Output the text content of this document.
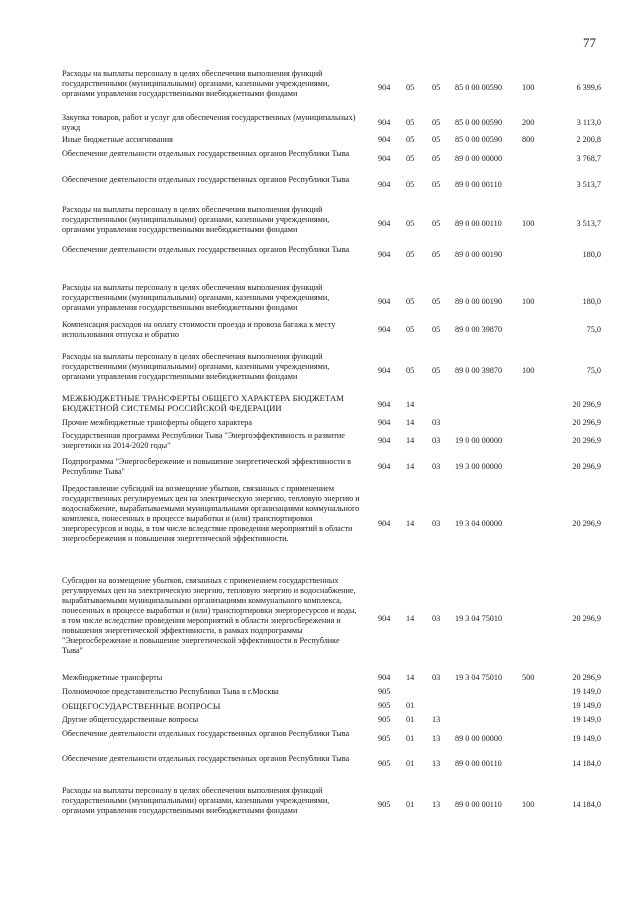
77
Расходы на выплаты персоналу в целях обеспечения выполнения функций государственными (муниципальными) органами, казенными учреждениями, органами управления государственными внебюджетными фондами
904	05	05	85 0 00 00590	100	6 399,6
Закупка товаров, работ и услуг для обеспечения государственных (муниципальных) нужд
904	05	05	85 0 00 00590	200	3 113,0
Иные бюджетные ассигнования	904	05	05	85 0 00 00590	800	2 200,8
Обеспечение деятельности отдельных государственных органов Республики Тыва
904	05	05	89 0 00 00000	3 768,7
Обеспечение деятельности отдельных государственных органов Республики Тыва
904	05	05	89 0 00 00110	3 513,7
Расходы на выплаты персоналу в целях обеспечения выполнения функций государственными (муниципальными) органами, казенными учреждениями, органами управления государственными внебюджетными фондами
904	05	05	89 0 00 00110	100	3 513,7
Обеспечение деятельности отдельных государственных органов Республики Тыва
904	05	05	89 0 00 00190	180,0
Расходы на выплаты персоналу в целях обеспечения выполнения функций государственными (муниципальными) органами, казенными учреждениями, органами управления государственными внебюджетными фондами
904	05	05	89 0 00 00190	100	180,0
Компенсация расходов на оплату стоимости проезда и провоза багажа к месту использования отпуска и обратно
904	05	05	89 0 00 39870	75,0
Расходы на выплаты персоналу в целях обеспечения выполнения функций государственными (муниципальными) органами, казенными учреждениями, органами управления государственными внебюджетными фондами
904	05	05	89 0 00 39870	100	75,0
МЕЖБЮДЖЕТНЫЕ ТРАНСФЕРТЫ ОБЩЕГО ХАРАКТЕРА БЮДЖЕТАМ БЮДЖЕТНОЙ СИСТЕМЫ РОССИЙСКОЙ ФЕДЕРАЦИИ	904	14	20 296,9
Прочие межбюджетные трансферты общего характера	904	14	03	20 296,9
Государственная программа Республики Тыва "Энергоэффективность и развитие энергетики на 2014-2020 годы"
904	14	03	19 0 00 00000	20 296,9
Подпрограмма "Энергосбережение и повышение энергетической эффективности в Республике Тыва"
904	14	03	19 3 00 00000	20 296,9
Предоставление субсидий на возмещение убытков, связанных с применением государственных регулируемых цен на электрическую энергию, тепловую энергию и водоснабжение, вырабатываемыми муниципальными организациями коммунального комплекса, понесенных в процессе выработки и (или) транспортировки энергоресурсов и воды, в том числе вследствие проведения мероприятий в области энергосбережения и повышения энергетической эффективности.
904	14	03	19 3 04 00000	20 296,9
Субсидии на возмещение убытков, связанных с применением государственных регулируемых цен на электрическую энергию, тепловую энергию и водоснабжение, вырабатываемыми муниципальными организациями коммунального комплекса, понесенных в процессе выработки и (или) транспортировки энергоресурсов и воды, в том числе вследствие проведения мероприятий в области энергосбережения и повышения энергетической эффективности, в рамках подпрограммы "Энергосбережение и повышение энергетической эффективности в Республике Тыва"
904	14	03	19 3 04 75010	20 296,9
Межбюджетные трансферты	904	14	03	19 3 04 75010	500	20 296,9
Полномочное представительство Республики Тыва в г.Москва	905	19 149,0
ОБЩЕГОСУДАРСТВЕННЫЕ ВОПРОСЫ	905	01	19 149,0
Другие общегосударственные вопросы	905	01	13	19 149,0
Обеспечение деятельности отдельных государственных органов Республики Тыва
905	01	13	89 0 00 00000	19 149,0
Обеспечение деятельности отдельных государственных органов Республики Тыва
905	01	13	89 0 00 00110	14 184,0
Расходы на выплаты персоналу в целях обеспечения выполнения функций государственными (муниципальными) органами, казенными учреждениями, органами управления государственными внебюджетными фондами
905	01	13	89 0 00 00110	100	14 184,0
